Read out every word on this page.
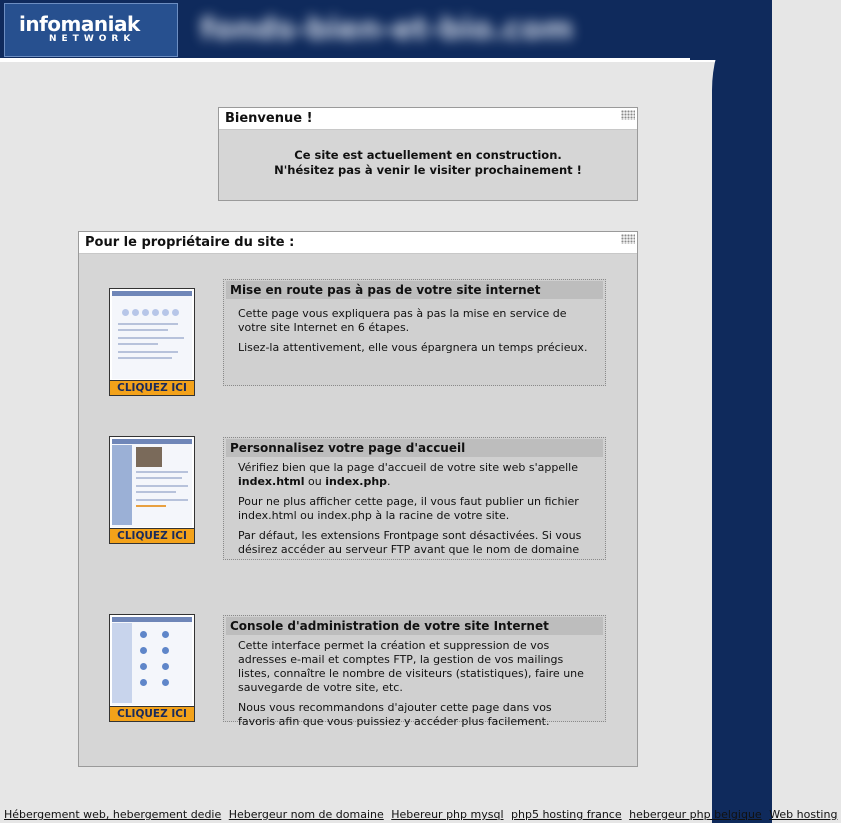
infomaniak
NETWORK fonds-bien-et-bio.com
Bienvenue !
Ce site est actuellement en construction.
N'hésitez pas à venir le visiter prochainement !
Pour le propriétaire du site :
CLIQUEZ ICI
Mise en route pas à pas de votre site internet

Cette page vous expliquera pas à pas la mise en service de votre site Internet en 6 étapes.

Lisez-la attentivement, elle vous épargnera un temps précieux.

CLIQUEZ ICI
Personnalisez votre page d'accueil

Vérifiez bien que la page d'accueil de votre site web s'appelle index.html ou index.php.

Pour ne plus afficher cette page, il vous faut publier un fichier index.html ou index.php à la racine de votre site.

Par défaut, les extensions Frontpage sont désactivées. Si vous désirez accéder au serveur FTP avant que le nom de domaine

CLIQUEZ ICI
Console d'administration de votre site Internet

Cette interface permet la création et suppression de vos adresses e-mail et comptes FTP, la gestion de vos mailings listes, connaître le nombre de visiteurs (statistiques), faire une sauvegarde de votre site, etc.

Nous vous recommandons d'ajouter cette page dans vos favoris afin que vous puissiez y accéder plus facilement.

Hébergement web, hebergement dedie Hebergeur nom de domaine Hebereur php mysql php5 hosting france hebergeur php belgique Web hosting
